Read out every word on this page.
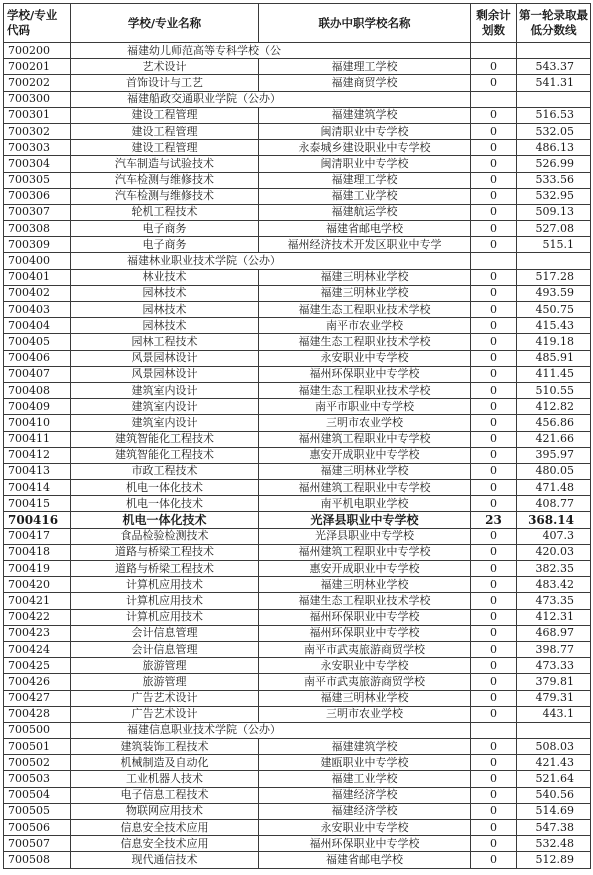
学校/专业代码	学校/专业名称	联办中职学校名称	剩余计划数	第一轮录取最低分数线
700200	福建幼儿师范高等专科学校（公			
700201	艺术设计	福建理工学校	0	543.37
700202	首饰设计与工艺	福建商贸学校	0	541.31
700300	福建船政交通职业学院（公办）			
700301	建设工程管理	福建建筑学校	0	516.53
700302	建设工程管理	闽清职业中专学校	0	532.05
700303	建设工程管理	永泰城乡建设职业中专学校	0	486.13
700304	汽车制造与试验技术	闽清职业中专学校	0	526.99
700305	汽车检测与维修技术	福建理工学校	0	533.56
700306	汽车检测与维修技术	福建工业学校	0	532.95
700307	轮机工程技术	福建航运学校	0	509.13
700308	电子商务	福建省邮电学校	0	527.08
700309	电子商务	福州经济技术开发区职业中专学	0	515.1
700400	福建林业职业技术学院（公办）			
700401	林业技术	福建三明林业学校	0	517.28
700402	园林技术	福建三明林业学校	0	493.59
700403	园林技术	福建生态工程职业技术学校	0	450.75
700404	园林技术	南平市农业学校	0	415.43
700405	园林工程技术	福建生态工程职业技术学校	0	419.18
700406	风景园林设计	永安职业中专学校	0	485.91
700407	风景园林设计	福州环保职业中专学校	0	411.45
700408	建筑室内设计	福建生态工程职业技术学校	0	510.55
700409	建筑室内设计	南平市职业中专学校	0	412.82
700410	建筑室内设计	三明市农业学校	0	456.86
700411	建筑智能化工程技术	福州建筑工程职业中专学校	0	421.66
700412	建筑智能化工程技术	惠安开成职业中专学校	0	395.97
700413	市政工程技术	福建三明林业学校	0	480.05
700414	机电一体化技术	福州建筑工程职业中专学校	0	471.48
700415	机电一体化技术	南平机电职业学校	0	408.77
700416	机电一体化技术	光泽县职业中专学校	23	368.14
700417	食品检验检测技术	光泽县职业中专学校	0	407.3
700418	道路与桥梁工程技术	福州建筑工程职业中专学校	0	420.03
700419	道路与桥梁工程技术	惠安开成职业中专学校	0	382.35
700420	计算机应用技术	福建三明林业学校	0	483.42
700421	计算机应用技术	福建生态工程职业技术学校	0	473.35
700422	计算机应用技术	福州环保职业中专学校	0	412.31
700423	会计信息管理	福州环保职业中专学校	0	468.97
700424	会计信息管理	南平市武夷旅游商贸学校	0	398.77
700425	旅游管理	永安职业中专学校	0	473.33
700426	旅游管理	南平市武夷旅游商贸学校	0	379.81
700427	广告艺术设计	福建三明林业学校	0	479.31
700428	广告艺术设计	三明市农业学校	0	443.1
700500	福建信息职业技术学院（公办）			
700501	建筑装饰工程技术	福建建筑学校	0	508.03
700502	机械制造及自动化	建瓯职业中专学校	0	421.43
700503	工业机器人技术	福建工业学校	0	521.64
700504	电子信息工程技术	福建经济学校	0	540.56
700505	物联网应用技术	福建经济学校	0	514.69
700506	信息安全技术应用	永安职业中专学校	0	547.38
700507	信息安全技术应用	福州环保职业中专学校	0	532.48
700508	现代通信技术	福建省邮电学校	0	512.89
